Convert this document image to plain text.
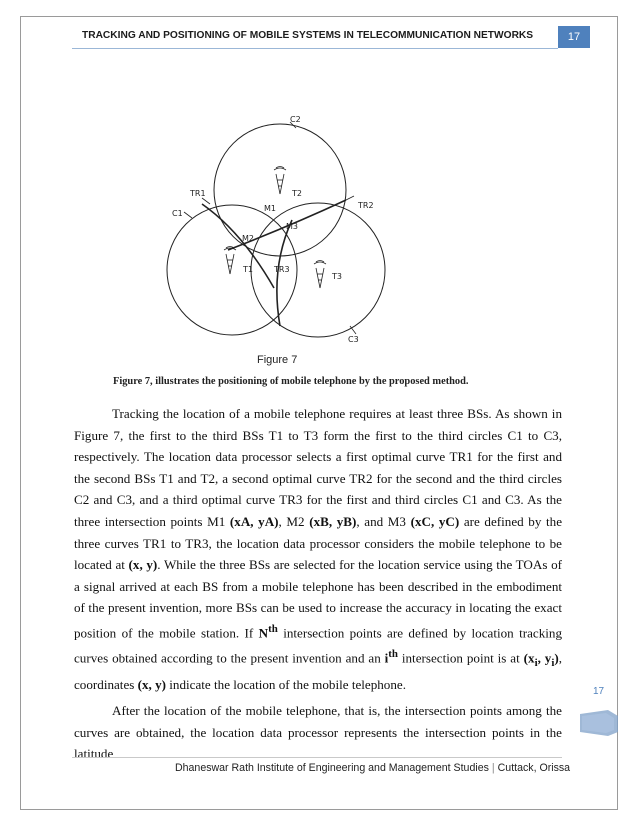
TRACKING AND POSITIONING OF MOBILE SYSTEMS IN TELECOMMUNICATION NETWORKS	17
C2
TR1
C1
TR2
T2
M1
M3
M2
T1	TR3
T3
C3
Figure 7
Figure 7, illustrates the positioning of mobile telephone by the proposed method.
Tracking the location of a mobile telephone requires at least three BSs. As shown in Figure 7, the first to the third BSs T1 to T3 form the first to the third circles C1 to C3, respectively. The location data processor selects a first optimal curve TR1 for the first and the second BSs T1 and T2, a second optimal curve TR2 for the second and the third circles C2 and C3, and a third optimal curve TR3 for the first and third circles C1 and C3. As the three intersection points M1 (xA, yA), M2 (xB, yB), and M3 (xC, yC) are defined by the three curves TR1 to TR3, the location data processor considers the mobile telephone to be located at (x, y). While the three BSs are selected for the location service using the TOAs of a signal arrived at each BS from a mobile telephone has been described in the embodiment of the present invention, more BSs can be used to increase the accuracy in locating the exact position of the mobile station. If $N^{th}$ intersection points are defined by location tracking curves obtained according to the present invention and an $i^{th}$ intersection point is at ($x_i$, $y_i$), coordinates (x, y) indicate the location of the mobile telephone.
After the location of the mobile telephone, that is, the intersection points among the curves are obtained, the location data processor represents the intersection points in the latitude
17
Dhaneswar Rath Institute of Engineering and Management Studies | Cuttack, Orissa
